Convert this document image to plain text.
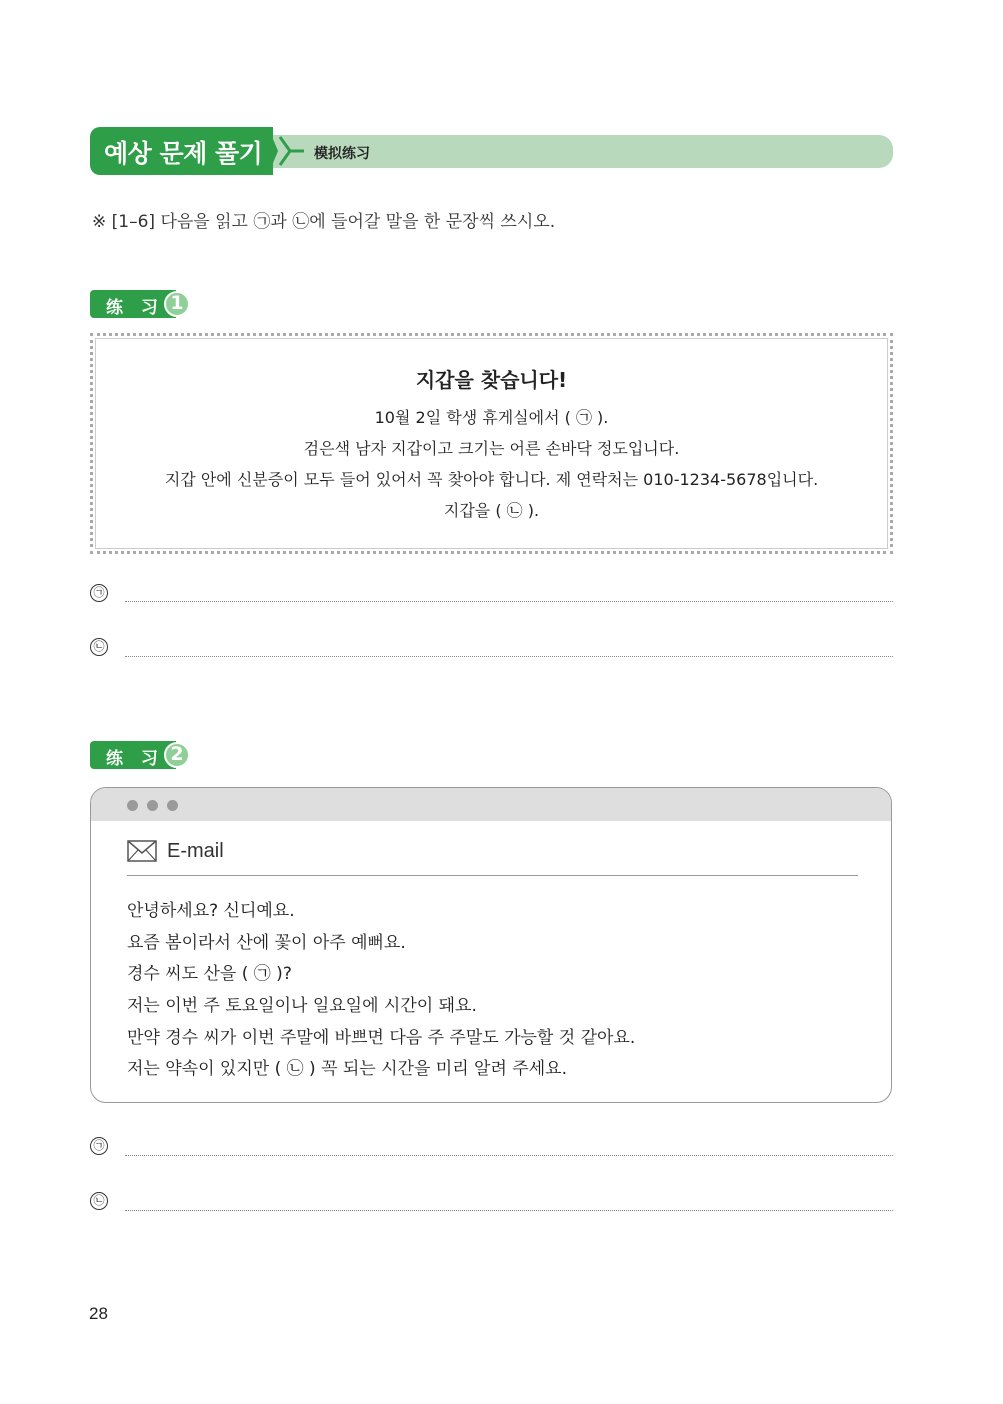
예상 문제 풀기	模拟练习
※ [1–6] 다음을 읽고 ㉠과 ㉡에 들어갈 말을 한 문장씩 쓰시오.
练 习 1
지갑을 찾습니다!
10월 2일 학생 휴게실에서 ( ㉠ ).
검은색 남자 지갑이고 크기는 어른 손바닥 정도입니다.
지갑 안에 신분증이 모두 들어 있어서 꼭 찾아야 합니다. 제 연락처는 010-1234-5678입니다.
지갑을 ( ㉡ ).
㉠
㉡
练 习 2
E-mail
안녕하세요? 신디예요.
요즘 봄이라서 산에 꽃이 아주 예뻐요.
경수 씨도 산을 ( ㉠ )?
저는 이번 주 토요일이나 일요일에 시간이 돼요.
만약 경수 씨가 이번 주말에 바쁘면 다음 주 주말도 가능할 것 같아요.
저는 약속이 있지만 ( ㉡ ) 꼭 되는 시간을 미리 알려 주세요.
㉠
㉡
28
